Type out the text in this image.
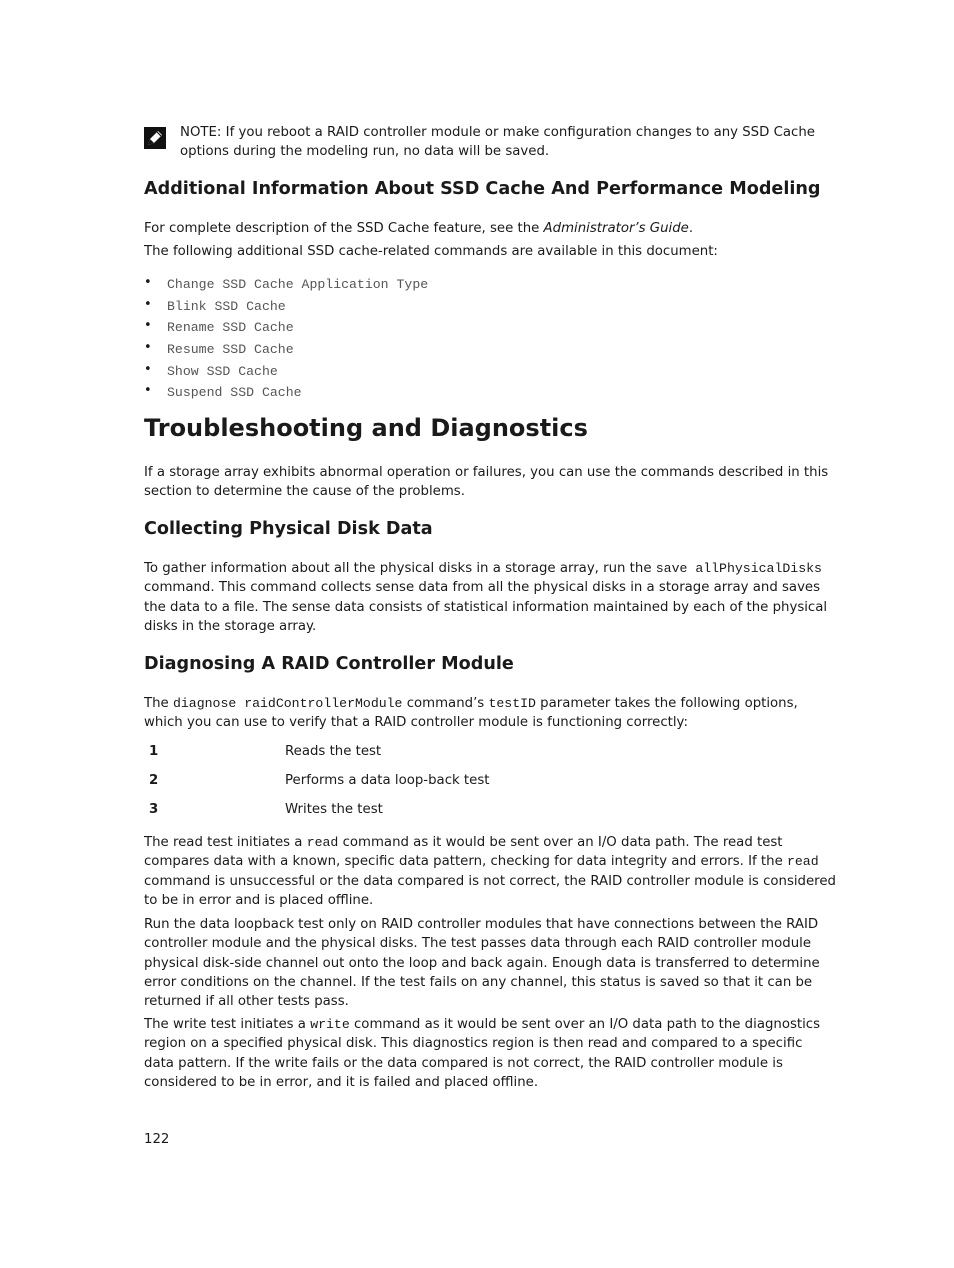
NOTE: If you reboot a RAID controller module or make configuration changes to any SSD Cache options during the modeling run, no data will be saved.
Additional Information About SSD Cache And Performance Modeling

For complete description of the SSD Cache feature, see the Administrator’s Guide.

The following additional SSD cache-related commands are available in this document:

• Change SSD Cache Application Type
• Blink SSD Cache
• Rename SSD Cache
• Resume SSD Cache
• Show SSD Cache
• Suspend SSD Cache
Troubleshooting and Diagnostics

If a storage array exhibits abnormal operation or failures, you can use the commands described in this section to determine the cause of the problems.

Collecting Physical Disk Data

To gather information about all the physical disks in a storage array, run the save allPhysicalDisks command. This command collects sense data from all the physical disks in a storage array and saves the data to a file. The sense data consists of statistical information maintained by each of the physical disks in the storage array.

Diagnosing A RAID Controller Module

The diagnose raidControllerModule command’s testID parameter takes the following options, which you can use to verify that a RAID controller module is functioning correctly:

1	Reads the test
2	Performs a data loop-back test
3	Writes the test

The read test initiates a read command as it would be sent over an I/O data path. The read test compares data with a known, specific data pattern, checking for data integrity and errors. If the read command is unsuccessful or the data compared is not correct, the RAID controller module is considered to be in error and is placed offline.

Run the data loopback test only on RAID controller modules that have connections between the RAID controller module and the physical disks. The test passes data through each RAID controller module physical disk-side channel out onto the loop and back again. Enough data is transferred to determine error conditions on the channel. If the test fails on any channel, this status is saved so that it can be returned if all other tests pass.

The write test initiates a write command as it would be sent over an I/O data path to the diagnostics region on a specified physical disk. This diagnostics region is then read and compared to a specific data pattern. If the write fails or the data compared is not correct, the RAID controller module is considered to be in error, and it is failed and placed offline.

122
